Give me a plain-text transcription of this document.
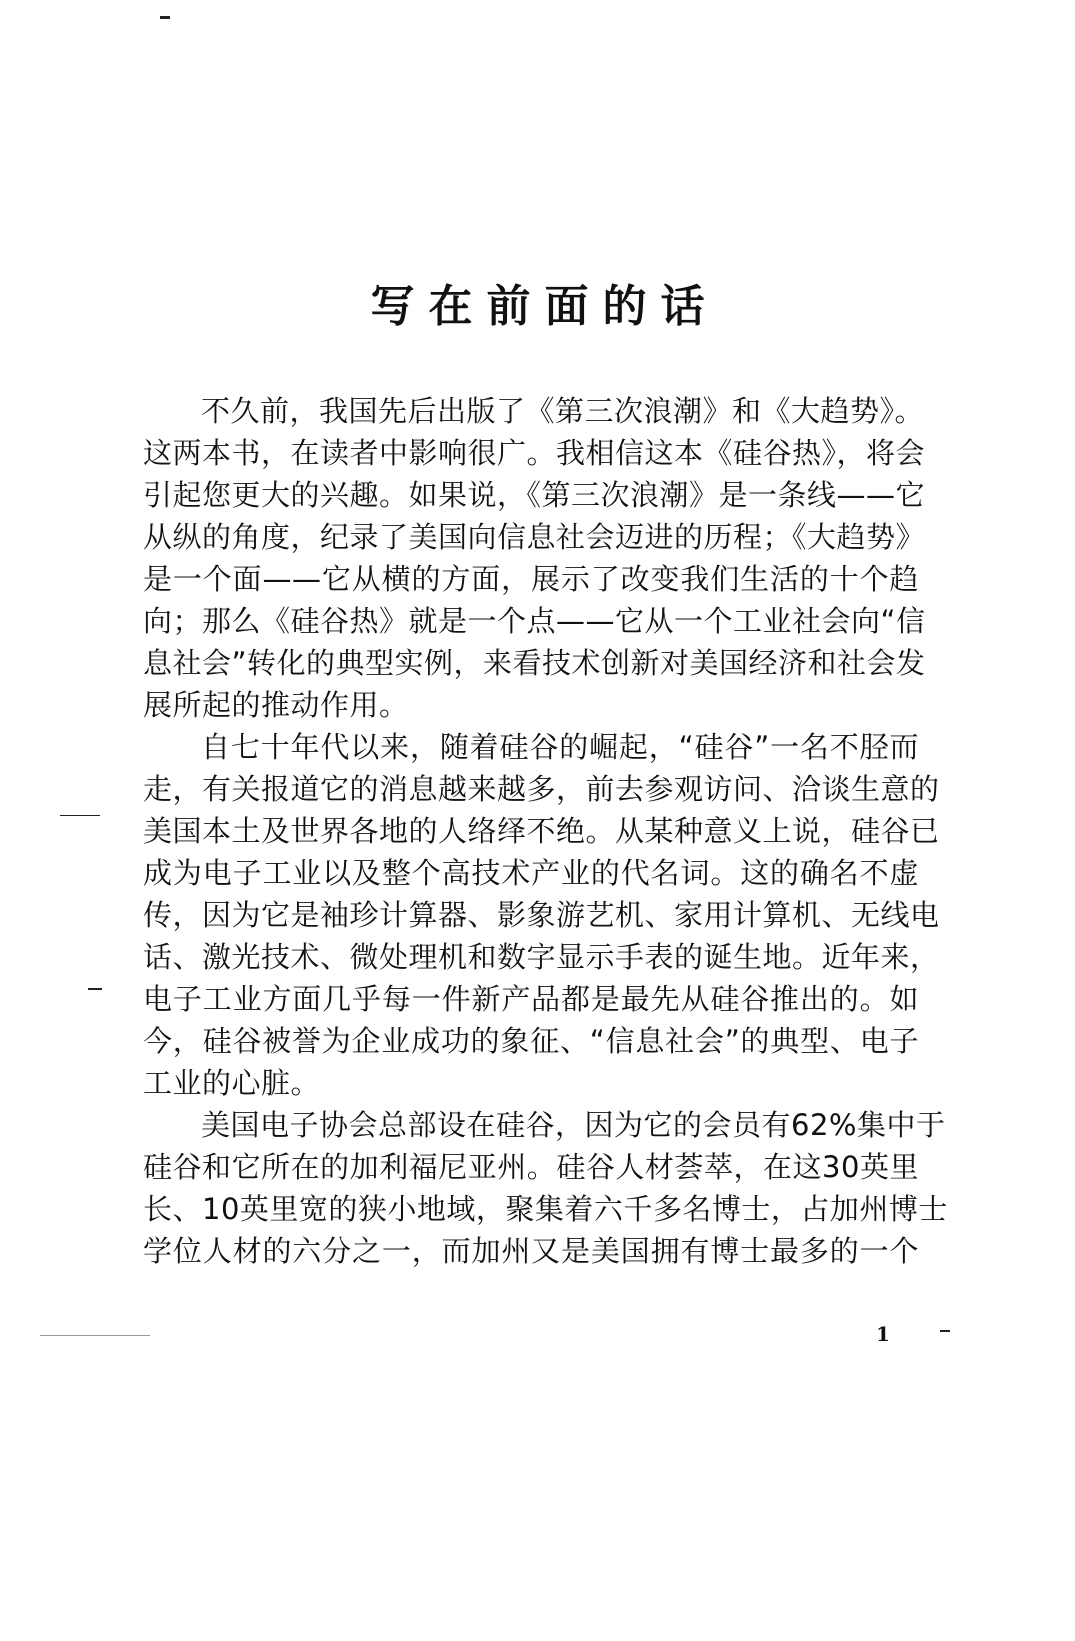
写在前面的话
不久前，我国先后出版了《第三次浪潮》和《大趋势》。
这两本书，在读者中影响很广。我相信这本《硅谷热》，将会
引起您更大的兴趣。如果说，《第三次浪潮》是一条线——它
从纵的角度，纪录了美国向信息社会迈进的历程；《大趋势》
是一个面——它从横的方面，展示了改变我们生活的十个趋
向；那么《硅谷热》就是一个点——它从一个工业社会向“信
息社会”转化的典型实例，来看技术创新对美国经济和社会发
展所起的推动作用。
自七十年代以来，随着硅谷的崛起，“硅谷”一名不胫而
走，有关报道它的消息越来越多，前去参观访问、洽谈生意的
美国本土及世界各地的人络绎不绝。从某种意义上说，硅谷已
成为电子工业以及整个高技术产业的代名词。这的确名不虚
传，因为它是袖珍计算器、影象游艺机、家用计算机、无线电
话、激光技术、微处理机和数字显示手表的诞生地。近年来，
电子工业方面几乎每一件新产品都是最先从硅谷推出的。如
今，硅谷被誉为企业成功的象征、“信息社会”的典型、电子
工业的心脏。
美国电子协会总部设在硅谷，因为它的会员有62%集中于
硅谷和它所在的加利福尼亚州。硅谷人材荟萃，在这30英里
长、10英里宽的狭小地域，聚集着六千多名博士，占加州博士
学位人材的六分之一，而加州又是美国拥有博士最多的一个
1
